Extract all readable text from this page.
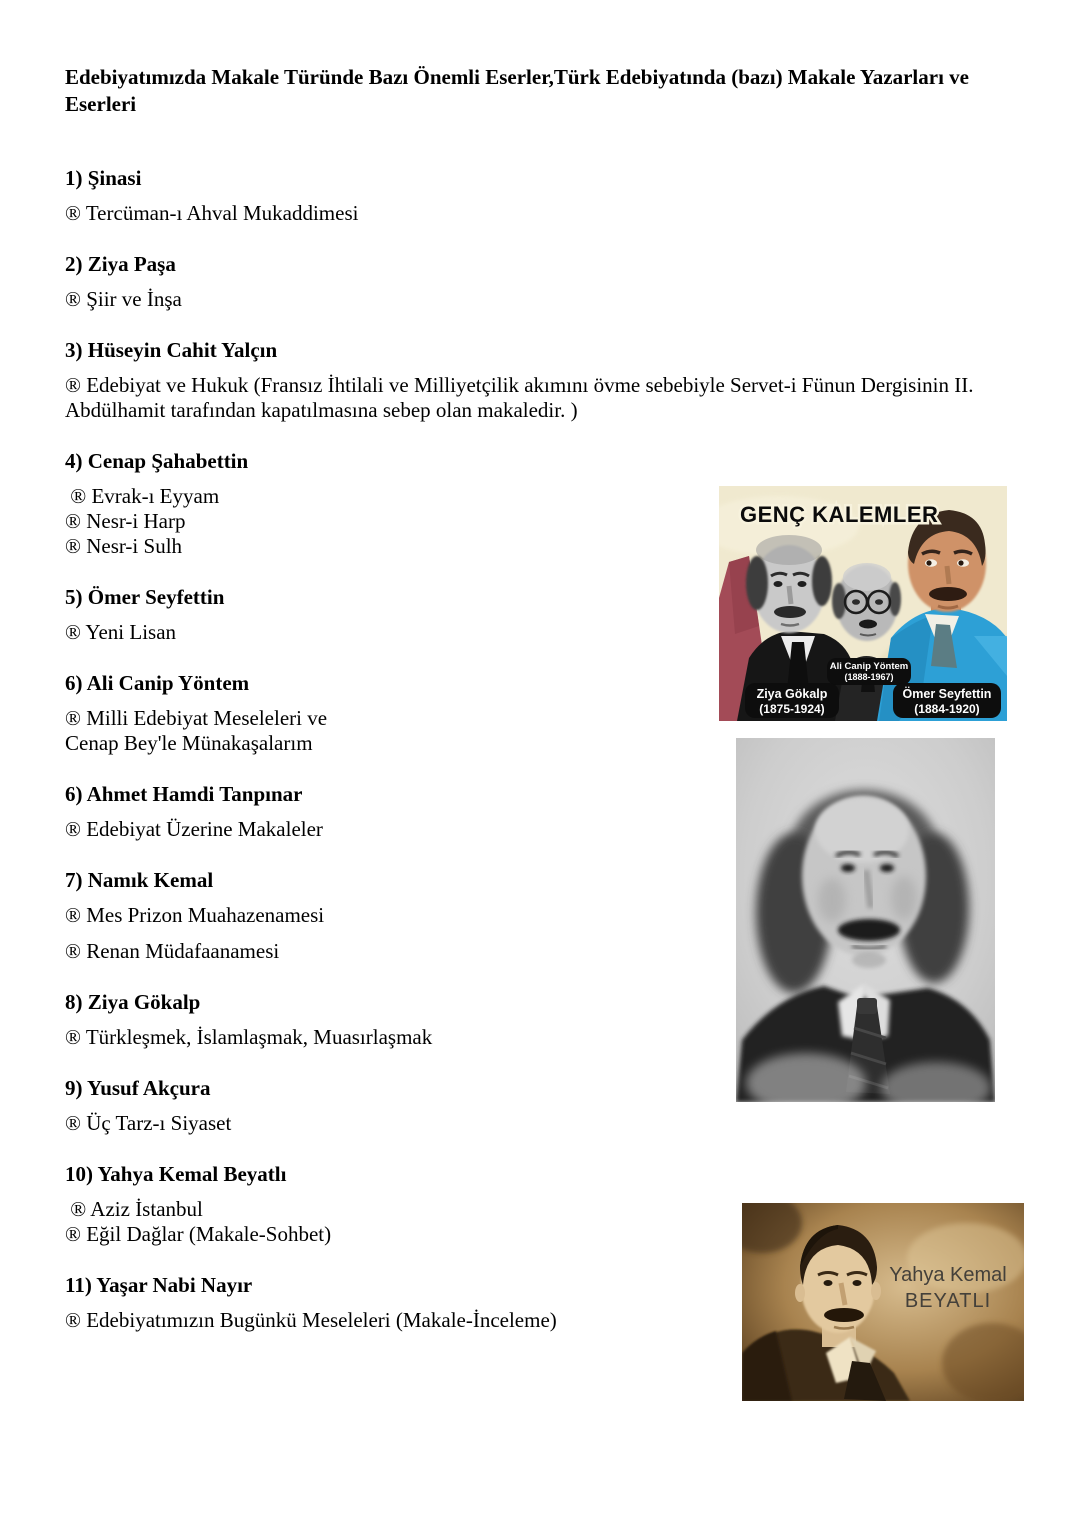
Edebiyatımızda Makale Türünde Bazı Önemli Eserler,Türk Edebiyatında (bazı) Makale Yazarları ve
Eserleri
1) Şinasi

® Tercüman-ı Ahval Mukaddimesi

2) Ziya Paşa

® Şiir ve İnşa

3) Hüseyin Cahit Yalçın

® Edebiyat ve Hukuk (Fransız İhtilali ve Milliyetçilik akımını övme sebebiyle Servet-i Fünun Dergisinin II.
Abdülhamit tarafından kapatılmasına sebep olan makaledir. )

4) Cenap Şahabettin

® Evrak-ı Eyyam
® Nesr-i Harp
® Nesr-i Sulh

5) Ömer Seyfettin

® Yeni Lisan

6) Ali Canip Yöntem

® Milli Edebiyat Meseleleri ve
Cenap Bey'le Münakaşalarım

6) Ahmet Hamdi Tanpınar

® Edebiyat Üzerine Makaleler

7) Namık Kemal

® Mes Prizon Muahazenamesi

® Renan Müdafaanamesi

8) Ziya Gökalp

® Türkleşmek, İslamlaşmak, Muasırlaşmak

9) Yusuf Akçura

® Üç Tarz-ı Siyaset

10) Yahya Kemal Beyatlı

® Aziz İstanbul
® Eğil Dağlar (Makale-Sohbet)

11) Yaşar Nabi Nayır

® Edebiyatımızın Bugünkü Meseleleri (Makale-İnceleme)

GENÇ KALEMLER
Ali Canip Yöntem
(1888-1967)
Ziya Gökalp
(1875-1924)
Ömer Seyfettin
(1884-1920)
Yahya Kemal
BEYATLI
